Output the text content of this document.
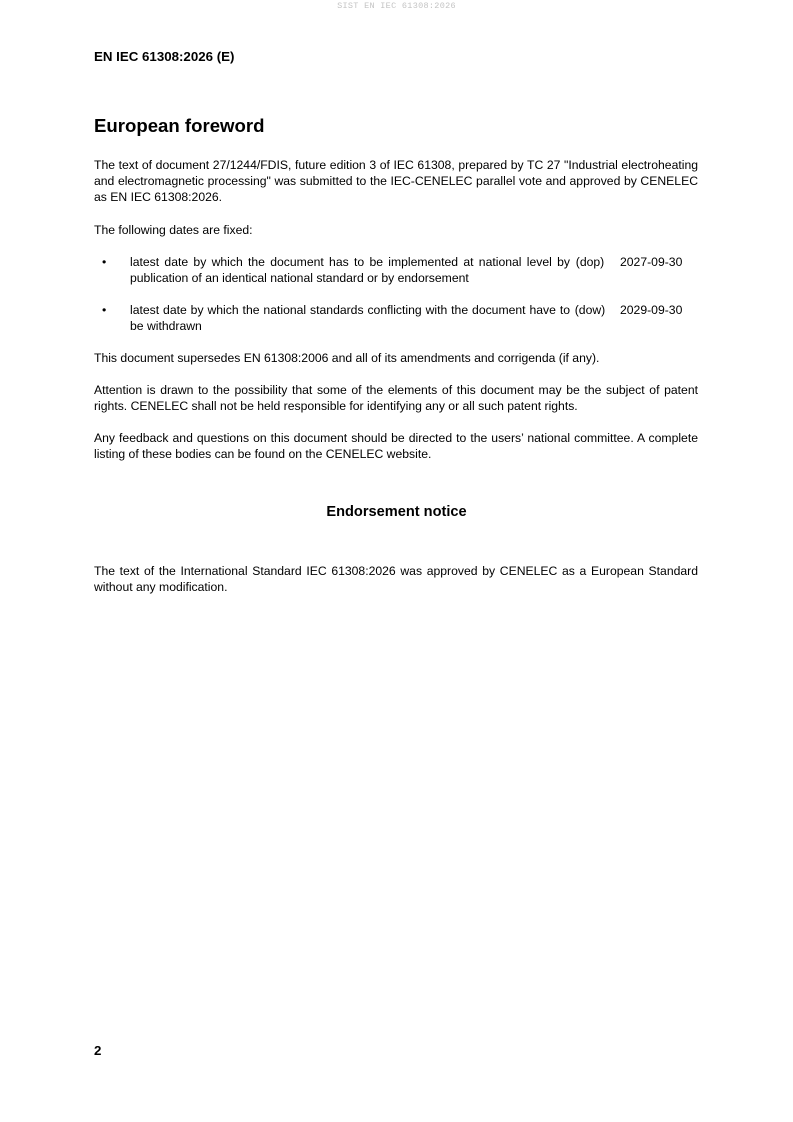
SIST EN IEC 61308:2026
EN IEC 61308:2026 (E)
European foreword
The text of document 27/1244/FDIS, future edition 3 of IEC 61308, prepared by TC 27 "Industrial electroheating and electromagnetic processing" was submitted to the IEC-CENELEC parallel vote and approved by CENELEC as EN IEC 61308:2026.
The following dates are fixed:
• latest date by which the document has to be implemented at national level by publication of an identical national standard or by endorsement
(dop)	2027-09-30
• latest date by which the national standards conflicting with the document have to be withdrawn
(dow) 2029-09-30
This document supersedes EN 61308:2006 and all of its amendments and corrigenda (if any).
Attention is drawn to the possibility that some of the elements of this document may be the subject of patent rights. CENELEC shall not be held responsible for identifying any or all such patent rights.
Any feedback and questions on this document should be directed to the users’ national committee. A complete listing of these bodies can be found on the CENELEC website.
Endorsement notice
The text of the International Standard IEC 61308:2026 was approved by CENELEC as a European Standard without any modification.
2
